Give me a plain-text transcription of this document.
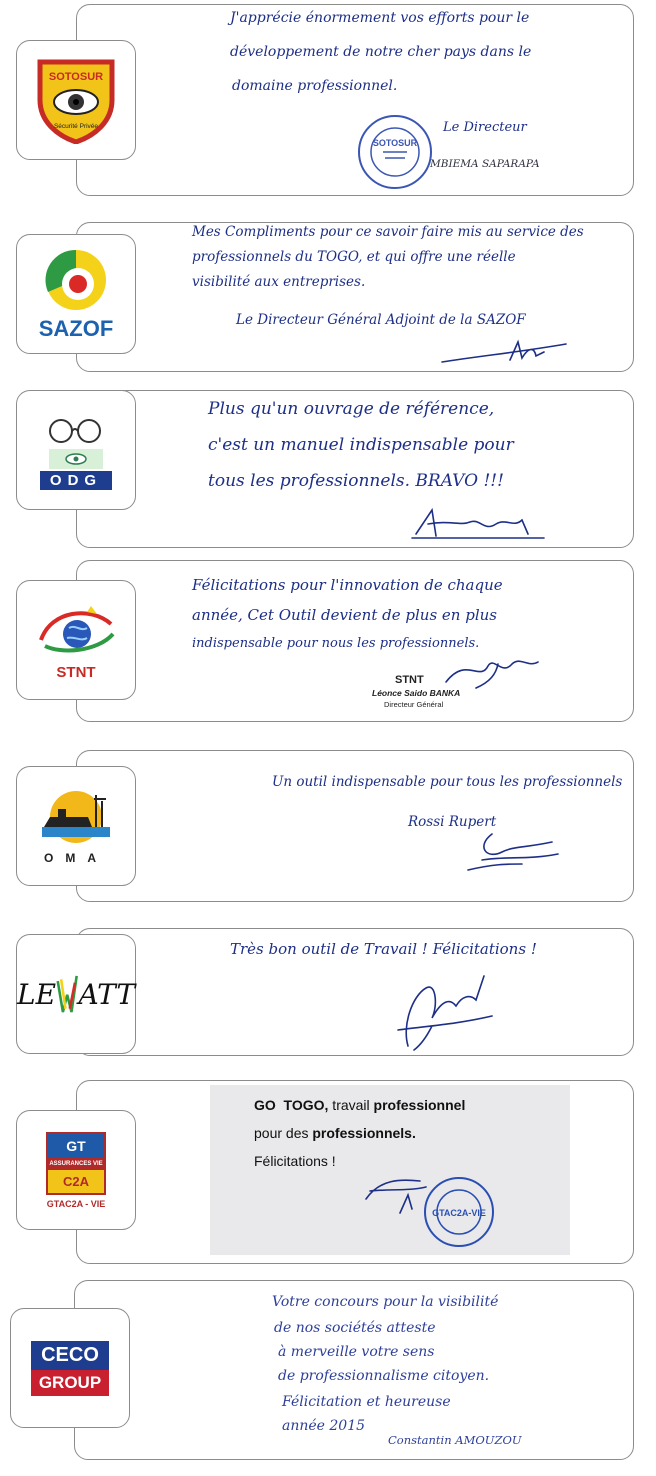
SOTOSUR
Sécurité Privée
J'apprécie énormement vos efforts pour le
développement de notre cher pays dans le
domaine professionnel.
SOTOSUR
Le Directeur
MBIEMA SAPARAPA
SAZOF
Mes Compliments pour ce savoir faire mis au service des
professionnels du TOGO, et qui offre une réelle
visibilité aux entreprises.
Le Directeur Général Adjoint de la SAZOF
ODG
Plus qu'un ouvrage de référence,
c'est un manuel indispensable pour
tous les professionnels. BRAVO !!!
STNT
Félicitations pour l'innovation de chaque
année, Cet Outil devient de plus en plus
indispensable pour nous les professionnels.
STNT
Léonce Saido BANKA
Directeur Général
OMA
Un outil indispensable pour tous les professionnels
Rossi Rupert
LE ATT
Très bon outil de Travail ! Félicitations !
GT
ASSURANCES VIE
C2A
GTAC2A - VIE
GO  TOGO, travail professionnel
pour des professionnels.
Félicitations !
GTAC2A-VIE
CECO
GROUP
Votre concours pour la visibilité
de nos sociétés atteste
à merveille votre sens
de professionnalisme citoyen.
Félicitation et heureuse
année 2015
Constantin AMOUZOU
